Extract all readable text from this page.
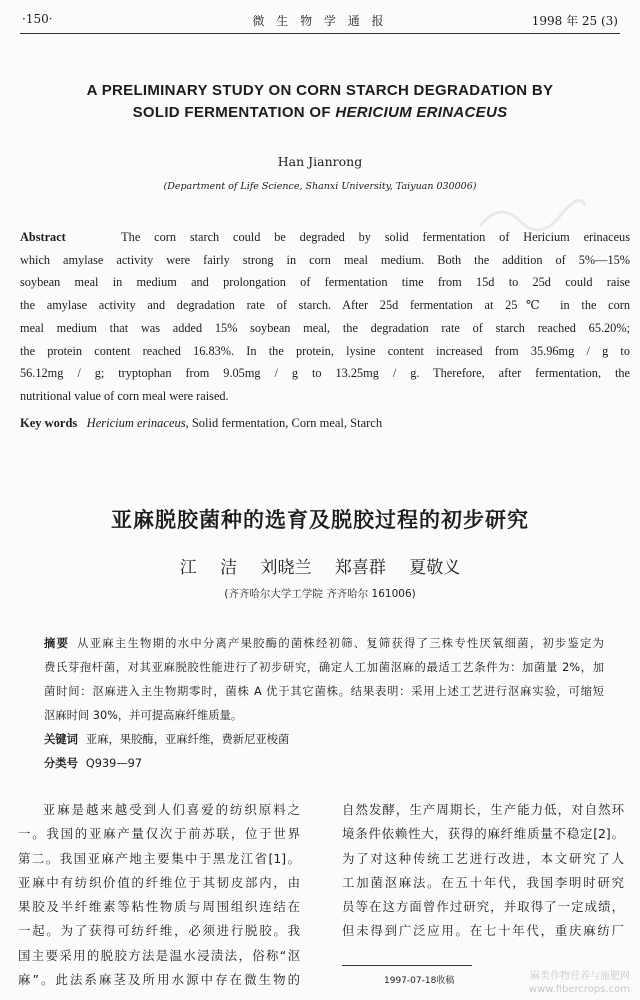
·150·	微 生 物 学 通 报	1998 年 25 (3)
A PRELIMINARY STUDY ON CORN STARCH DEGRADATION BY
SOLID FERMENTATION OF HERICIUM ERINACEUS
Han Jianrong
(Department of Life Science, Shanxi University, Taiyuan 030006)
Abstract	The corn starch could be degraded by solid fermentation of Hericium erinaceus
which amylase activity were fairly strong in corn meal medium. Both the addition of 5%—15%
soybean meal in medium and prolongation of fermentation time from 15d to 25d could raise
the amylase activity and degradation rate of starch. After 25d fermentation at 25℃ in the corn
meal medium that was added 15% soybean meal, the degradation rate of starch reached 65.20%;
the protein content reached 16.83%. In the protein, lysine content increased from 35.96mg / g to
56.12mg / g; tryptophan from 9.05mg / g to 13.25mg / g. Therefore, after fermentation, the
nutritional value of corn meal were raised.
Key words Hericium erinaceus, Solid fermentation, Corn meal, Starch
亚麻脱胶菌种的选育及脱胶过程的初步研究
江 洁 刘晓兰 郑喜群 夏敬义
(齐齐哈尔大学工学院 齐齐哈尔 161006)
摘要 从亚麻主生物期的水中分离产果胶酶的菌株经初筛、复筛获得了三株专性厌氧细菌，初步鉴定为
费氏芽孢杆菌，对其亚麻脱胶性能进行了初步研究，确定人工加菌沤麻的最适工艺条件为：加菌量 2%，加
菌时间：沤麻进入主生物期零时，菌株 A 优于其它菌株。结果表明：采用上述工艺进行沤麻实验，可缩短
沤麻时间 30%，并可提高麻纤维质量。
关键词 亚麻，果胶酶，亚麻纤维，费新尼亚梭菌
分类号 Q939—97
亚麻是越来越受到人们喜爱的纺织原料之
一。我国的亚麻产量仅次于前苏联，位于世界
第二。我国亚麻产地主要集中于黑龙江省[1]。
亚麻中有纺织价值的纤维位于其韧皮部内，由
果胶及半纤维素等粘性物质与周围组织连结在
一起。为了获得可纺纤维，必须进行脱胶。我
国主要采用的脱胶方法是温水浸渍法，俗称“沤
麻”。此法系麻茎及所用水源中存在微生物的
自然发酵，生产周期长，生产能力低，对自然环
境条件依赖性大，获得的麻纤维质量不稳定[2]。
为了对这种传统工艺进行改进，本文研究了人
工加菌沤麻法。在五十年代，我国李明时研究
员等在这方面曾作过研究，并取得了一定成绩，
但未得到广泛应用。在七十年代，重庆麻纺厂
1997-07-18收稿	麻类作物营养与施肥网
www.fibercrops.com
